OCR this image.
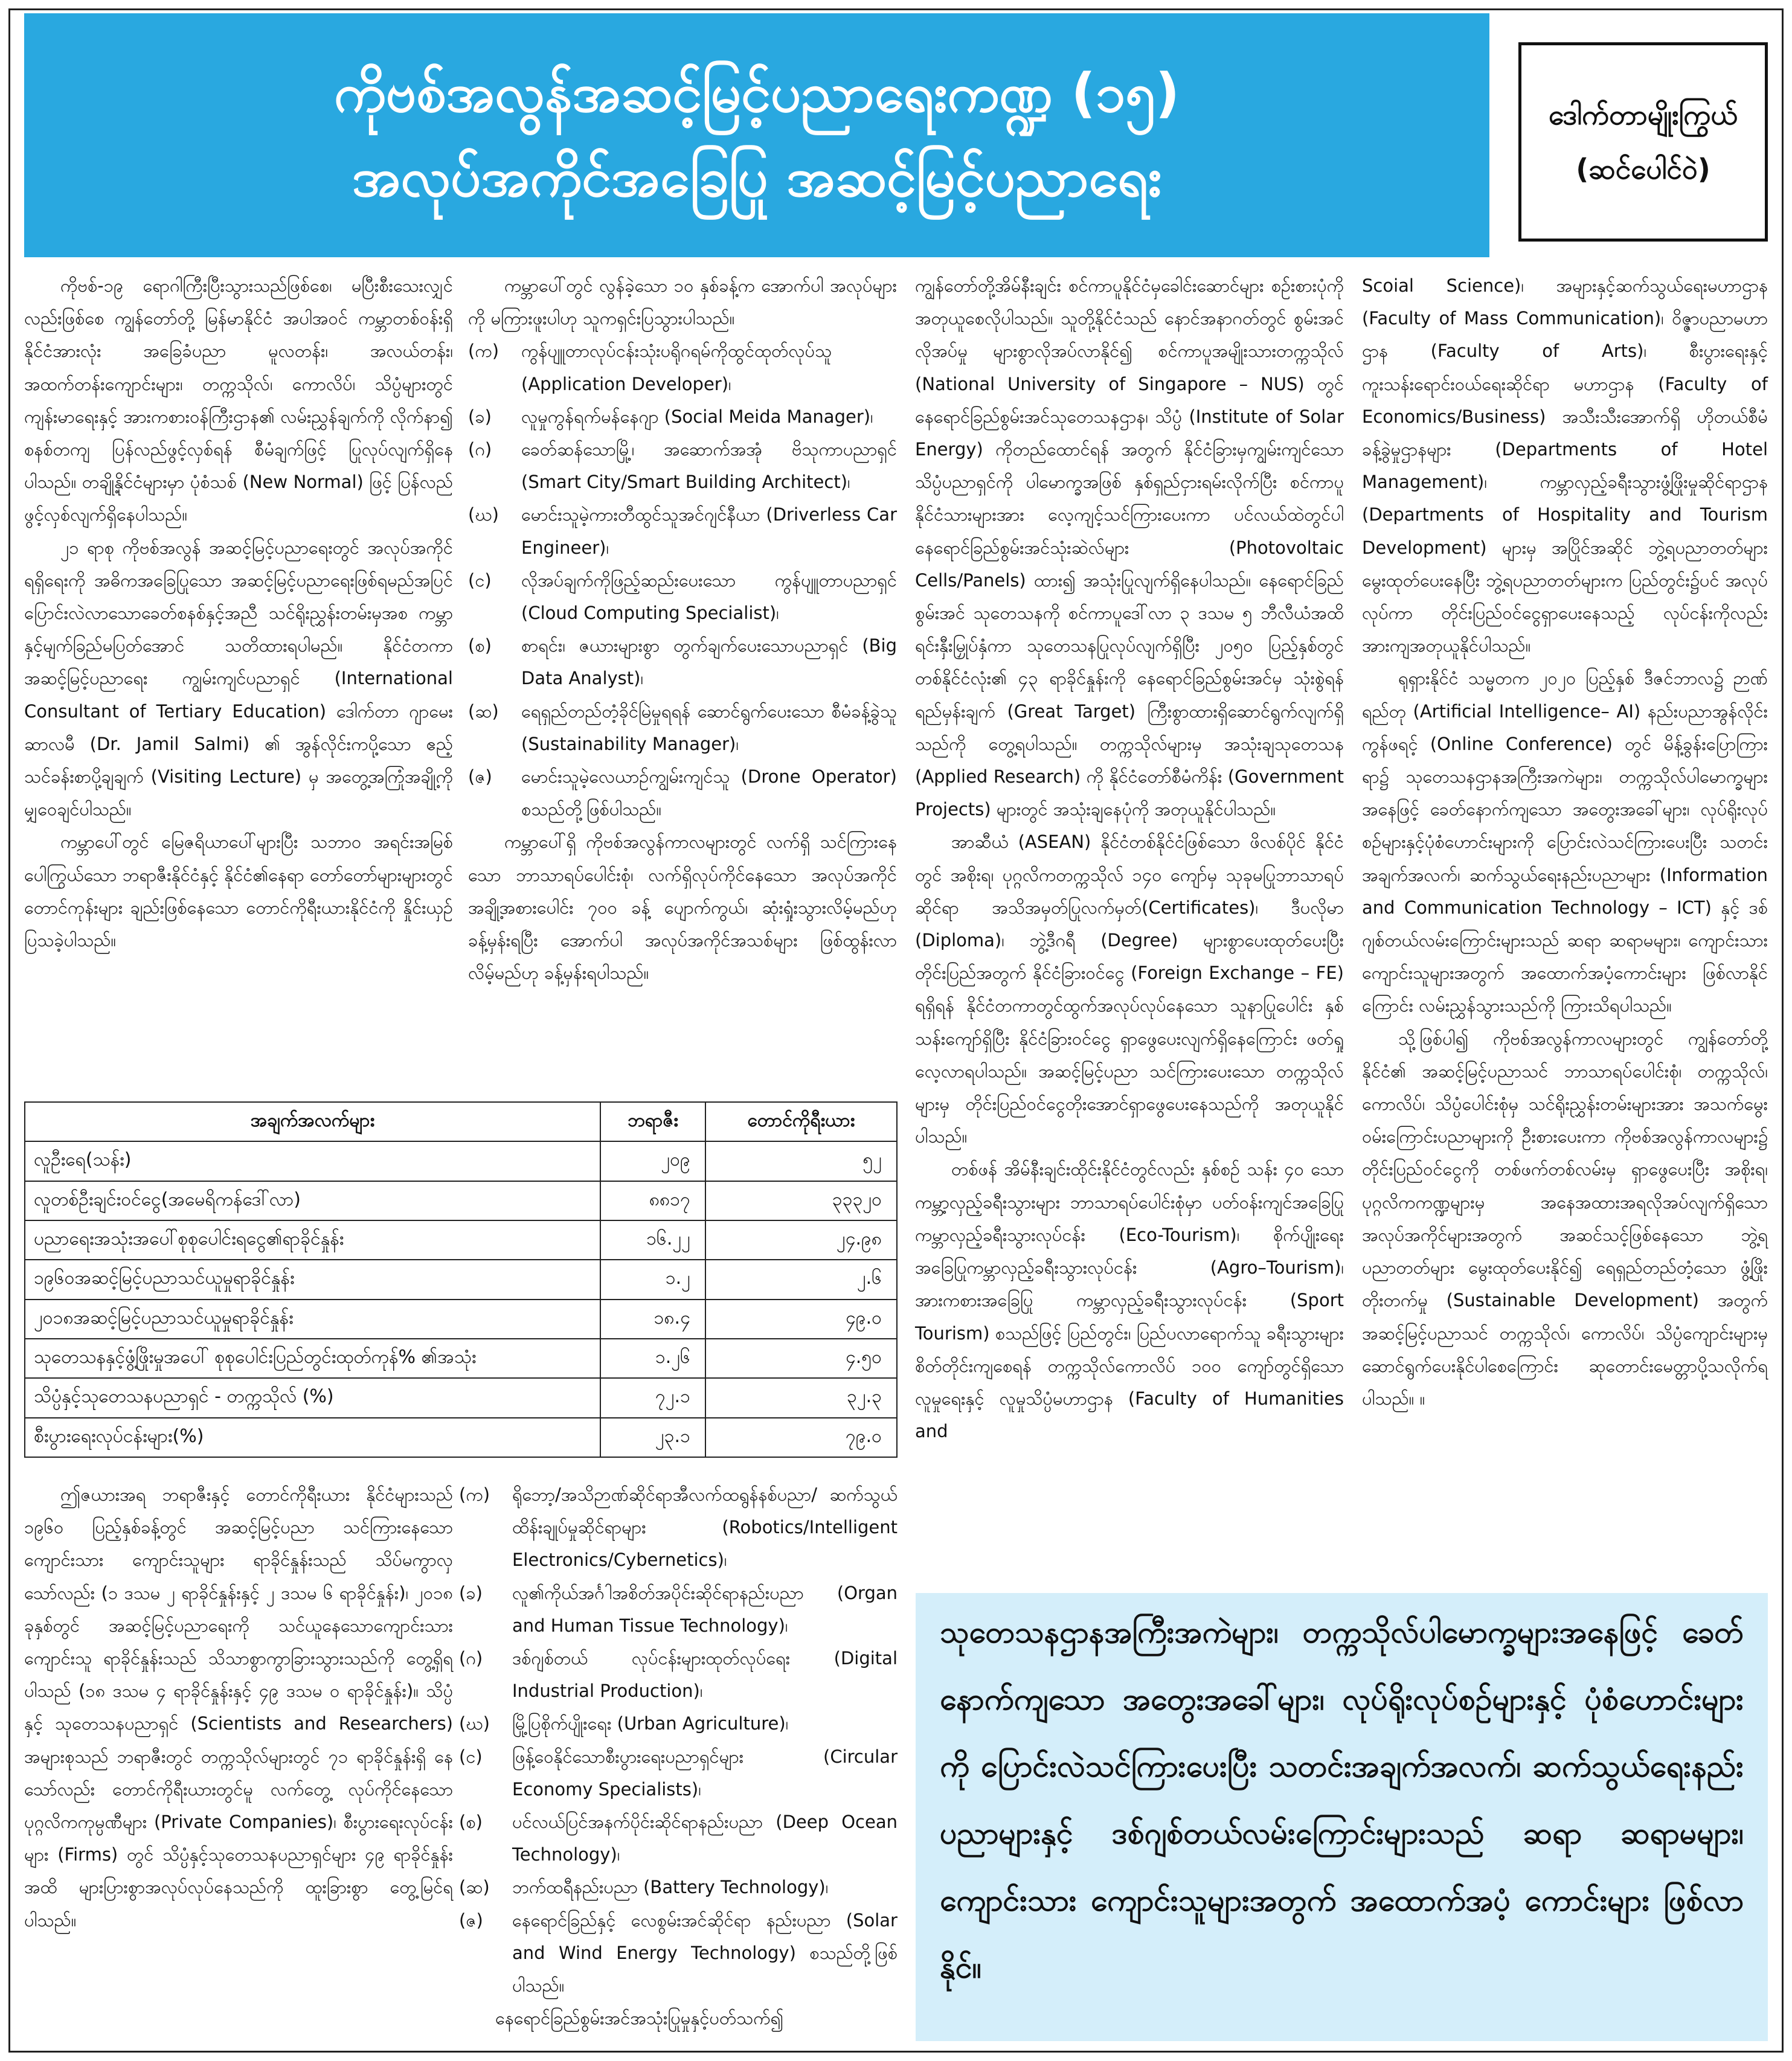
ကိုဗစ်အလွန်အဆင့်မြင့်ပညာရေးကဏ္ဍ (၁၅)
အလုပ်အကိုင်အခြေပြု အဆင့်မြင့်ပညာရေး
ဒေါက်တာမျိုးကြွယ်
(ဆင်ပေါင်ဝဲ)

ကိုဗစ်-၁၉ ရောဂါကြီးပြီးသွားသည်ဖြစ်စေ၊ မပြီးစီးသေးလျှင်လည်းဖြစ်စေ ကျွန်တော်တို့ မြန်မာနိုင်ငံ အပါအဝင် ကမ္ဘာတစ်ဝန်းရှိ နိုင်ငံအားလုံး အခြေခံပညာ မူလတန်း၊ အလယ်တန်း၊ အထက်တန်းကျောင်းများ၊ တက္ကသိုလ်၊ ကောလိပ်၊ သိပ္ပံများတွင် ကျန်းမာရေးနှင့် အားကစားဝန်ကြီးဌာန၏ လမ်းညွှန်ချက်ကို လိုက်နာ၍ စနစ်တကျ ပြန်လည်ဖွင့်လှစ်ရန် စီမံချက်ဖြင့် ပြုလုပ်လျက်ရှိနေပါသည်။ တချို့နိုင်ငံများမှာ ပုံစံသစ် (New Normal) ဖြင့် ပြန်လည်ဖွင့်လှစ်လျက်ရှိနေပါသည်။

၂၁ ရာစု ကိုဗစ်အလွန် အဆင့်မြင့်ပညာရေးတွင် အလုပ်အကိုင်ရရှိရေးကို အဓိကအခြေပြုသော အဆင့်မြင့်ပညာရေးဖြစ်ရမည်အပြင် ပြောင်းလဲလာသောခေတ်စနစ်နှင့်အညီ သင်ရိုးညွှန်းတမ်းမှအစ ကမ္ဘာနှင့်မျက်ခြည်မပြတ်အောင် သတိထားရပါမည်။ နိုင်ငံတကာ အဆင့်မြင့်ပညာရေး ကျွမ်းကျင်ပညာရှင် (International Consultant of Tertiary Education) ဒေါက်တာ ဂျာမေးဆာလမီ (Dr. Jamil Salmi) ၏ အွန်လိုင်းကပို့သော ဧည့်သင်ခန်းစာပို့ချချက် (Visiting Lecture) မှ အတွေ့အကြုံအချို့ကို မျှဝေချင်ပါသည်။

ကမ္ဘာပေါ်တွင် မြေဇရိယာပေါ်များပြီး သဘာဝ အရင်းအမြစ်ပေါကြွယ်သော ဘရာဇီးနိုင်ငံနှင့် နိုင်ငံ၏နေရာ တော်တော်များများတွင် တောင်ကုန်းများ ချည်းဖြစ်နေသော တောင်ကိုရီးယားနိုင်ငံကို နှိုင်းယှဉ်ပြသခဲ့ပါသည်။

ကမ္ဘာပေါ်တွင် လွန်ခဲ့သော ၁၀ နှစ်ခန့်က အောက်ပါ အလုပ်များကို မကြားဖူးပါဟု သူကရှင်းပြသွားပါသည်။

(က)	ကွန်ပျူတာလုပ်ငန်းသုံးပရိုဂရမ်ကိုထွင်ထုတ်လုပ်သူ (Application Developer)၊
(ခ)	လူမှုကွန်ရက်မန်နေဂျာ (Social Meida Manager)၊
(ဂ)	ခေတ်ဆန်သောမြို့၊ အဆောက်အအုံ ဗိသုကာပညာရှင် (Smart City/Smart Building Architect)၊
(ဃ)	မောင်းသူမဲ့ကားတီထွင်သူအင်ဂျင်နီယာ (Driverless Car Engineer)၊
(င)	လိုအပ်ချက်ကိုဖြည့်ဆည်းပေးသော ကွန်ပျူတာပညာရှင် (Cloud Computing Specialist)၊
(စ)	စာရင်း၊ ဇယားများစွာ တွက်ချက်ပေးသောပညာရှင် (Big Data Analyst)၊
(ဆ)	ရေရှည်တည်တံ့ခိုင်မြဲမှုရရန် ဆောင်ရွက်ပေးသော စီမံခန့်ခွဲသူ (Sustainability Manager)၊
(ဇ)	မောင်းသူမဲ့လေယာဉ်ကျွမ်းကျင်သူ (Drone Operator) စသည်တို့ဖြစ်ပါသည်။

ကမ္ဘာပေါ်ရှိ ကိုဗစ်အလွန်ကာလများတွင် လက်ရှိ သင်ကြားနေသော ဘာသာရပ်ပေါင်းစုံ၊ လက်ရှိလုပ်ကိုင်နေသော အလုပ်အကိုင်အချို့အစားပေါင်း ၇၀၀ ခန့် ပျောက်ကွယ်၊ ဆုံးရှုံးသွားလိမ့်မည်ဟု ခန့်မှန်းရပြီး အောက်ပါ အလုပ်အကိုင်အသစ်များ ဖြစ်ထွန်းလာလိမ့်မည်ဟု ခန့်မှန်းရပါသည်။

အချက်အလက်များ	ဘရာဇီး	တောင်ကိုရီးယား
လူဦးရေ(သန်း)	၂၀၉	၅၂
လူတစ်ဦးချင်းဝင်ငွေ(အမေရိကန်ဒေါ်လာ)	၈၈၁၇	၃၃၃၂၀
ပညာရေးအသုံးအပေါ်စုစုပေါင်းရငွေ၏ရာခိုင်နှုန်း	၁၆.၂၂	၂၄.၉၈
၁၉၆၀အဆင့်မြင့်ပညာသင်ယူမှုရာခိုင်နှုန်း	၁.၂	၂.၆
၂၀၁၈အဆင့်မြင့်ပညာသင်ယူမှုရာခိုင်နှုန်း	၁၈.၄	၄၉.၀
သုတေသနနှင့်ဖွံ့ဖြိုးမှုအပေါ် စုစုပေါင်းပြည်တွင်းထုတ်ကုန်% ၏အသုံး	၁.၂၆	၄.၅၀
သိပ္ပံနှင့်သုတေသနပညာရှင် - တက္ကသိုလ် (%)	၇၂.၁	၃၂.၃
စီးပွားရေးလုပ်ငန်းများ(%)	၂၃.၁	၇၉.၀

ဤဇယားအရ ဘရာဇီးနှင့် တောင်ကိုရီးယား နိုင်ငံများသည် ၁၉၆၀ ပြည့်နှစ်ခန့်တွင် အဆင့်မြင့်ပညာ သင်ကြားနေသော ကျောင်းသား ကျောင်းသူများ ရာခိုင်နှုန်းသည် သိပ်မကွာလှသော်လည်း (၁ ဒသမ ၂ ရာခိုင်နှုန်းနှင့် ၂ ဒသမ ၆ ရာခိုင်နှုန်း)၊ ၂၀၁၈ ခုနှစ်တွင် အဆင့်မြင့်ပညာရေးကို သင်ယူနေသောကျောင်းသား ကျောင်းသူ ရာခိုင်နှုန်းသည် သိသာစွာကွာခြားသွားသည်ကို တွေ့ရှိရပါသည် (၁၈ ဒသမ ၄ ရာခိုင်နှုန်းနှင့် ၄၉ ဒသမ ၀ ရာခိုင်နှုန်း)။ သိပ္ပံနှင့် သုတေသနပညာရှင် (Scientists and Researchers) အများစုသည် ဘရာဇီးတွင် တက္ကသိုလ်များတွင် ၇၁ ရာခိုင်နှုန်းရှိ နေသော်လည်း တောင်ကိုရီးယားတွင်မူ လက်တွေ့ လုပ်ကိုင်နေသော ပုဂ္ဂလိကကုမ္ပဏီများ (Private Companies)၊ စီးပွားရေးလုပ်ငန်းများ (Firms) တွင် သိပ္ပံနှင့်သုတေသနပညာရှင်များ ၄၉ ရာခိုင်နှုန်းအထိ များပြားစွာအလုပ်လုပ်နေသည်ကို ထူးခြားစွာ တွေ့မြင်ရပါသည်။

(က)	ရိုဘော့/အသိဉာဏ်ဆိုင်ရာအီလက်ထရွန်နစ်ပညာ/ ဆက်သွယ်ထိန်းချုပ်မှုဆိုင်ရာများ (Robotics/Intelligent Electronics/Cybernetics)၊
(ခ)	လူ၏ကိုယ်အင်္ဂါအစိတ်အပိုင်းဆိုင်ရာနည်းပညာ (Organ and Human Tissue Technology)၊
(ဂ)	ဒစ်ဂျစ်တယ် လုပ်ငန်းများထုတ်လုပ်ရေး (Digital Industrial Production)၊
(ဃ)	မြို့ပြစိုက်ပျိုးရေး (Urban Agriculture)၊
(င)	ဖြန့်ဝေနိုင်သောစီးပွားရေးပညာရှင်များ (Circular Economy Specialists)၊
(စ)	ပင်လယ်ပြင်အနက်ပိုင်းဆိုင်ရာနည်းပညာ (Deep Ocean Technology)၊
(ဆ)	ဘက်ထရီနည်းပညာ (Battery Technology)၊
(ဇ)	နေရောင်ခြည်နှင့် လေစွမ်းအင်ဆိုင်ရာ နည်းပညာ (Solar and Wind Energy Technology) စသည်တို့ဖြစ်ပါသည်။

နေရောင်ခြည်စွမ်းအင်အသုံးပြုမှုနှင့်ပတ်သက်၍

ကျွန်တော်တို့အိမ်နီးချင်း စင်ကာပူနိုင်ငံမှခေါင်းဆောင်များ စဉ်းစားပုံကို အတုယူစေလိုပါသည်။ သူတို့နိုင်ငံသည် နောင်အနာဂတ်တွင် စွမ်းအင်လိုအပ်မှု များစွာလိုအပ်လာနိုင်၍ စင်ကာပူအမျိုးသားတက္ကသိုလ် (National University of Singapore – NUS) တွင် နေရောင်ခြည်စွမ်းအင်သုတေသနဌာန၊ သိပ္ပံ (Institute of Solar Energy) ကိုတည်ထောင်ရန် အတွက် နိုင်ငံခြားမှကျွမ်းကျင်သော သိပ္ပံပညာရှင်ကို ပါမောက္ခအဖြစ် နှစ်ရှည်ငှားရမ်းလိုက်ပြီး စင်ကာပူနိုင်ငံသားများအား လေ့ကျင့်သင်ကြားပေးကာ ပင်လယ်ထဲတွင်ပါ နေရောင်ခြည်စွမ်းအင်သုံးဆဲလ်များ (Photovoltaic Cells/Panels) ထား၍ အသုံးပြုလျက်ရှိနေပါသည်။ နေရောင်ခြည်စွမ်းအင် သုတေသနကို စင်ကာပူဒေါ်လာ ၃ ဒသမ ၅ ဘီလီယံအထိ ရင်းနှီးမြှုပ်နှံကာ သုတေသနပြုလုပ်လျက်ရှိပြီး ၂၀၅၀ ပြည့်နှစ်တွင် တစ်နိုင်ငံလုံး၏ ၄၃ ရာခိုင်နှုန်းကို နေရောင်ခြည်စွမ်းအင်မှ သုံးစွဲရန် ရည်မှန်းချက် (Great Target) ကြီးစွာထားရှိဆောင်ရွက်လျက်ရှိသည်ကို တွေ့ရပါသည်။ တက္ကသိုလ်များမှ အသုံးချသုတေသန (Applied Research) ကို နိုင်ငံတော်စီမံကိန်း (Government Projects) များတွင် အသုံးချနေပုံကို အတုယူနိုင်ပါသည်။

အာဆီယံ (ASEAN) နိုင်ငံတစ်နိုင်ငံဖြစ်သော ဖိလစ်ပိုင် နိုင်ငံတွင် အစိုးရ၊ ပုဂ္ဂလိကတက္ကသိုလ် ၁၄၀ ကျော်မှ သုခုမပြုဘာသာရပ်ဆိုင်ရာ အသိအမှတ်ပြုလက်မှတ်(Certificates)၊ ဒီပလိုမာ (Diploma)၊ ဘွဲ့ဒီဂရီ (Degree) များစွာပေးထုတ်ပေးပြီး တိုင်းပြည်အတွက် နိုင်ငံခြားဝင်ငွေ (Foreign Exchange – FE) ရရှိရန် နိုင်ငံတကာတွင်ထွက်အလုပ်လုပ်နေသော သူနာပြုပေါင်း နှစ်သန်းကျော်ရှိပြီး နိုင်ငံခြားဝင်ငွေ ရှာဖွေပေးလျက်ရှိနေကြောင်း ဖတ်ရှုလေ့လာရပါသည်။ အဆင့်မြင့်ပညာ သင်ကြားပေးသော တက္ကသိုလ်များမှ တိုင်းပြည်ဝင်ငွေတိုးအောင်ရှာဖွေပေးနေသည်ကို အတုယူနိုင်ပါသည်။

တစ်ဖန် အိမ်နီးချင်းထိုင်းနိုင်ငံတွင်လည်း နှစ်စဉ် သန်း ၄၀ သော ကမ္ဘာ့လှည့်ခရီးသွားများ ဘာသာရပ်ပေါင်းစုံမှာ ပတ်ဝန်းကျင်အခြေပြုကမ္ဘာလှည့်ခရီးသွားလုပ်ငန်း (Eco-Tourism)၊ စိုက်ပျိုးရေး အခြေပြုကမ္ဘာလှည့်ခရီးသွားလုပ်ငန်း (Agro–Tourism)၊ အားကစားအခြေပြု ကမ္ဘာလှည့်ခရီးသွားလုပ်ငန်း (Sport Tourism) စသည်ဖြင့် ပြည်တွင်း၊ ပြည်ပလာရောက်သူ ခရီးသွားများ စိတ်တိုင်းကျစေရန် တက္ကသိုလ်ကောလိပ် ၁၀၀ ကျော်တွင်ရှိသော လူမှုရေးနှင့် လူမှုသိပ္ပံမဟာဌာန (Faculty of Humanities and

Scoial Science)၊ အများနှင့်ဆက်သွယ်ရေးမဟာဌာန (Faculty of Mass Communication)၊ ဝိဇ္ဇာပညာမဟာဌာန (Faculty of Arts)၊ စီးပွားရေးနှင့် ကူးသန်းရောင်းဝယ်ရေးဆိုင်ရာ မဟာဌာန (Faculty of Economics/Business) အသီးသီးအောက်ရှိ ဟိုတယ်စီမံခန့်ခွဲမှုဌာနများ (Departments of Hotel Management)၊ ကမ္ဘာလှည့်ခရီးသွားဖွံ့ဖြိုးမှုဆိုင်ရာဌာန (Departments of Hospitality and Tourism Development) များမှ အပြိုင်အဆိုင် ဘွဲ့ရပညာတတ်များ မွေးထုတ်ပေးနေပြီး ဘွဲ့ရပညာတတ်များက ပြည်တွင်း၌ပင် အလုပ်လုပ်ကာ တိုင်းပြည်ဝင်ငွေရှာပေးနေသည့် လုပ်ငန်းကိုလည်း အားကျအတုယူနိုင်ပါသည်။

ရုရှားနိုင်ငံ သမ္မတက ၂၀၂၀ ပြည့်နှစ် ဒီဇင်ဘာလ၌ ဉာဏ်ရည်တု (Artificial Intelligence– AI) နည်းပညာအွန်လိုင်းကွန်ဖရင့် (Online Conference) တွင် မိန့်ခွန်းပြောကြားရာ၌ သုတေသနဌာနအကြီးအကဲများ၊ တက္ကသိုလ်ပါမောက္ခများအနေဖြင့် ခေတ်နောက်ကျသော အတွေးအခေါ်များ၊ လုပ်ရိုးလုပ်စဉ်များနှင့်ပုံစံဟောင်းများကို ပြောင်းလဲသင်ကြားပေးပြီး သတင်းအချက်အလက်၊ ဆက်သွယ်ရေးနည်းပညာများ (Information and Communication Technology – ICT) နှင့် ဒစ်ဂျစ်တယ်လမ်းကြောင်းများသည် ဆရာ ဆရာမများ၊ ကျောင်းသား ကျောင်းသူများအတွက် အထောက်အပံ့ကောင်းများ ဖြစ်လာနိုင်ကြောင်း လမ်းညွှန်သွားသည်ကို ကြားသိရပါသည်။

သို့ဖြစ်ပါ၍ ကိုဗစ်အလွန်ကာလများတွင် ကျွန်တော်တို့နိုင်ငံ၏ အဆင့်မြင့်ပညာသင် ဘာသာရပ်ပေါင်းစုံ၊ တက္ကသိုလ်၊ ကောလိပ်၊ သိပ္ပံပေါင်းစုံမှ သင်ရိုးညွှန်းတမ်းများအား အသက်မွေးဝမ်းကြောင်းပညာများကို ဦးစားပေးကာ ကိုဗစ်အလွန်ကာလများ၌ တိုင်းပြည်ဝင်ငွေကို တစ်ဖက်တစ်လမ်းမှ ရှာဖွေပေးပြီး အစိုးရ၊ ပုဂ္ဂလိကကဏ္ဍများမှ အနေအထားအရလိုအပ်လျက်ရှိသော အလုပ်အကိုင်များအတွက် အဆင်သင့်ဖြစ်နေသော ဘွဲ့ရပညာတတ်များ မွေးထုတ်ပေးနိုင်၍ ရေရှည်တည်တံ့သော ဖွံ့ဖြိုးတိုးတက်မှု (Sustainable Development) အတွက် အဆင့်မြင့်ပညာသင် တက္ကသိုလ်၊ ကောလိပ်၊ သိပ္ပံကျောင်းများမှ ဆောင်ရွက်ပေးနိုင်ပါစေကြောင်း ဆုတောင်းမေတ္တာပို့သလိုက်ရပါသည်။ ။

သုတေသနဌာနအကြီးအကဲများ၊ တက္ကသိုလ်ပါမောက္ခများအနေဖြင့် ခေတ်နောက်ကျသော အတွေးအခေါ်များ၊ လုပ်ရိုးလုပ်စဉ်များနှင့် ပုံစံဟောင်းများကို ပြောင်းလဲသင်ကြားပေးပြီး သတင်းအချက်အလက်၊ ဆက်သွယ်ရေးနည်းပညာများနှင့် ဒစ်ဂျစ်တယ်လမ်းကြောင်းများသည် ဆရာ ဆရာမများ၊ ကျောင်းသား ကျောင်းသူများအတွက် အထောက်အပံ့ ကောင်းများ ဖြစ်လာနိုင်။
